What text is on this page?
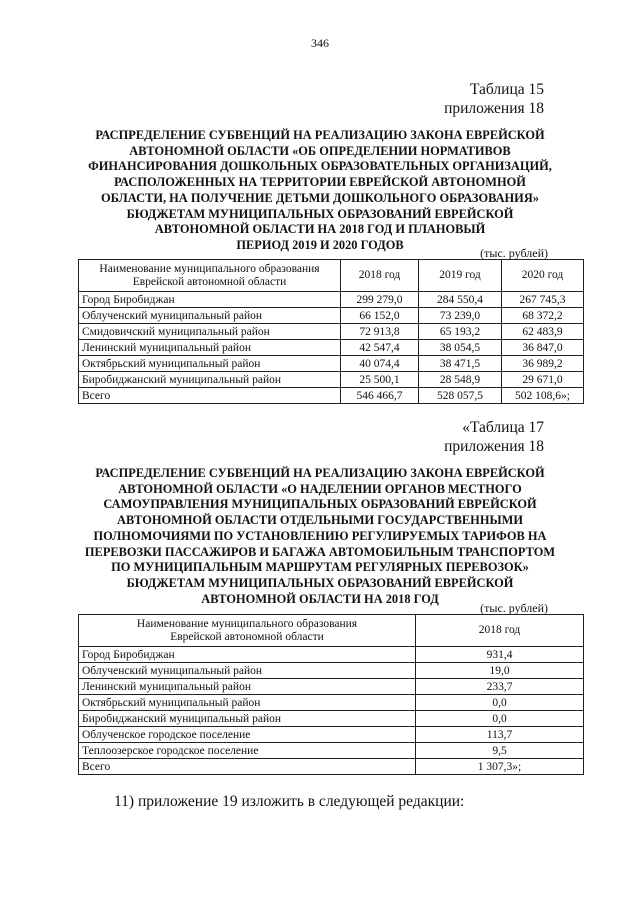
346
Таблица 15
приложения 18
РАСПРЕДЕЛЕНИЕ СУБВЕНЦИЙ НА РЕАЛИЗАЦИЮ ЗАКОНА ЕВРЕЙСКОЙ
АВТОНОМНОЙ ОБЛАСТИ «ОБ ОПРЕДЕЛЕНИИ НОРМАТИВОВ
ФИНАНСИРОВАНИЯ ДОШКОЛЬНЫХ ОБРАЗОВАТЕЛЬНЫХ ОРГАНИЗАЦИЙ,
РАСПОЛОЖЕННЫХ НА ТЕРРИТОРИИ ЕВРЕЙСКОЙ АВТОНОМНОЙ
ОБЛАСТИ, НА ПОЛУЧЕНИЕ ДЕТЬМИ ДОШКОЛЬНОГО ОБРАЗОВАНИЯ»
БЮДЖЕТАМ МУНИЦИПАЛЬНЫХ ОБРАЗОВАНИЙ ЕВРЕЙСКОЙ
АВТОНОМНОЙ ОБЛАСТИ НА 2018 ГОД И ПЛАНОВЫЙ
ПЕРИОД 2019 И 2020 ГОДОВ
(тыс. рублей)
Наименование муниципального образования
Еврейской автономной области	2018 год	2019 год	2020 год
Город Биробиджан	299 279,0	284 550,4	267 745,3
Облученский муниципальный район	66 152,0	73 239,0	68 372,2
Смидовичский муниципальный район	72 913,8	65 193,2	62 483,9
Ленинский муниципальный район	42 547,4	38 054,5	36 847,0
Октябрьский муниципальный район	40 074,4	38 471,5	36 989,2
Биробиджанский муниципальный район	25 500,1	28 548,9	29 671,0
Всего	546 466,7	528 057,5	502 108,6»;
«Таблица 17
приложения 18
РАСПРЕДЕЛЕНИЕ СУБВЕНЦИЙ НА РЕАЛИЗАЦИЮ ЗАКОНА ЕВРЕЙСКОЙ
АВТОНОМНОЙ ОБЛАСТИ «О НАДЕЛЕНИИ ОРГАНОВ МЕСТНОГО
САМОУПРАВЛЕНИЯ МУНИЦИПАЛЬНЫХ ОБРАЗОВАНИЙ ЕВРЕЙСКОЙ
АВТОНОМНОЙ ОБЛАСТИ ОТДЕЛЬНЫМИ ГОСУДАРСТВЕННЫМИ
ПОЛНОМОЧИЯМИ ПО УСТАНОВЛЕНИЮ РЕГУЛИРУЕМЫХ ТАРИФОВ НА
ПЕРЕВОЗКИ ПАССАЖИРОВ И БАГАЖА АВТОМОБИЛЬНЫМ ТРАНСПОРТОМ
ПО МУНИЦИПАЛЬНЫМ МАРШРУТАМ РЕГУЛЯРНЫХ ПЕРЕВОЗОК»
БЮДЖЕТАМ МУНИЦИПАЛЬНЫХ ОБРАЗОВАНИЙ ЕВРЕЙСКОЙ
АВТОНОМНОЙ ОБЛАСТИ НА 2018 ГОД
(тыс. рублей)
Наименование муниципального образования
Еврейской автономной области	2018 год
Город Биробиджан	931,4
Облученский муниципальный район	19,0
Ленинский муниципальный район	233,7
Октябрьский муниципальный район	0,0
Биробиджанский муниципальный район	0,0
Облученское городское поселение	113,7
Теплоозерское городское поселение	9,5
Всего	1 307,3»;
11) приложение 19 изложить в следующей редакции:
